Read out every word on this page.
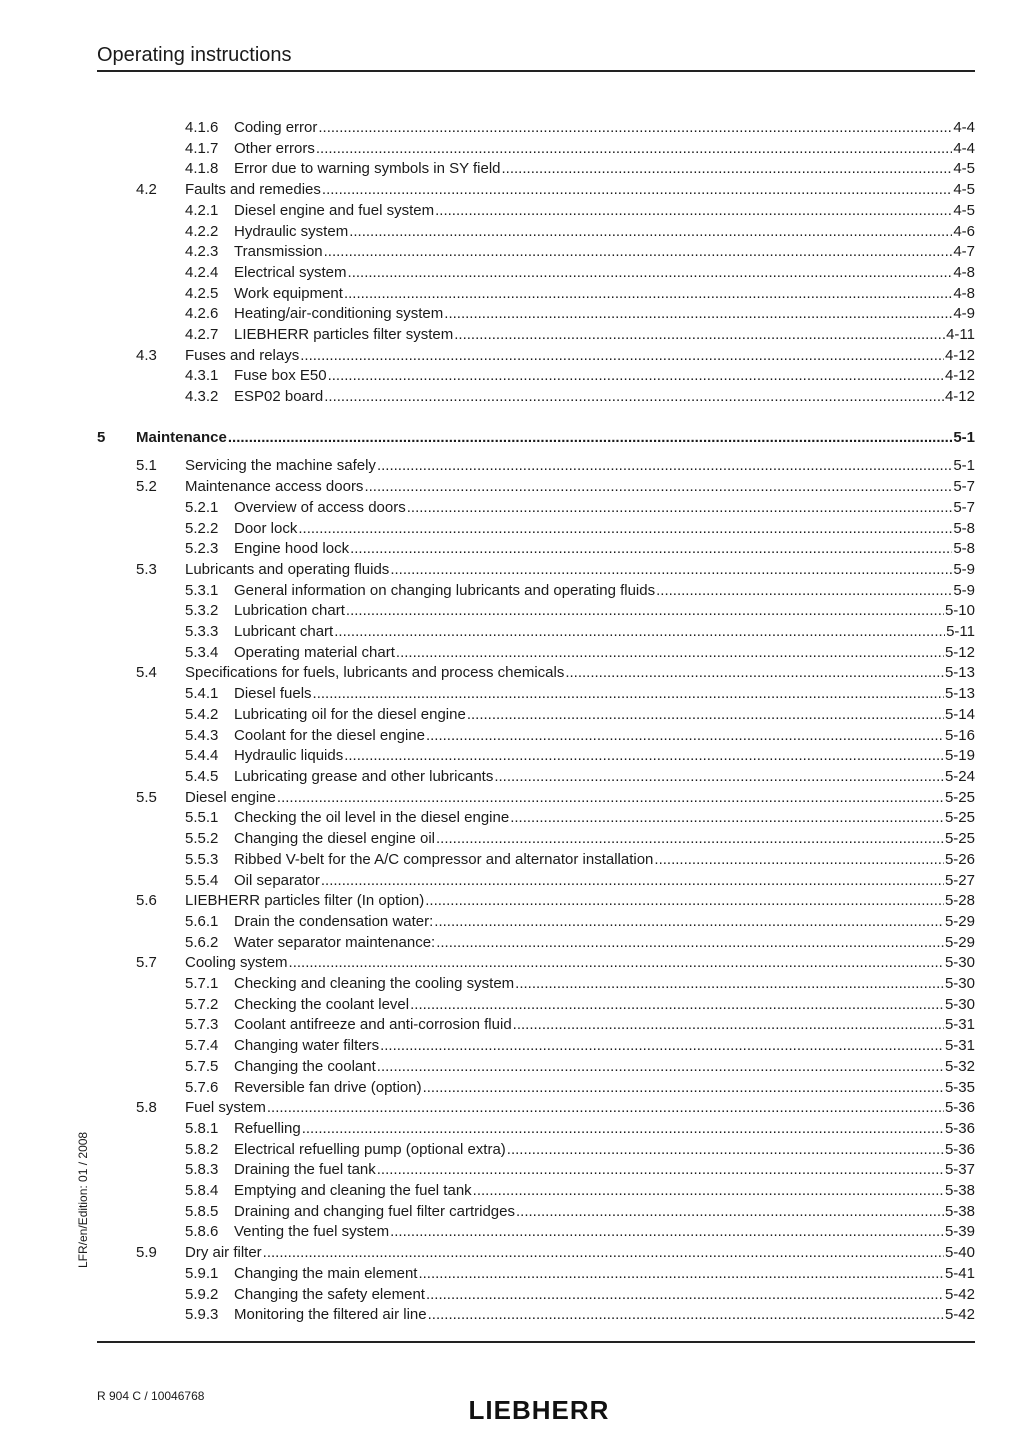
Operating instructions
4.1.6	Coding error .....	4-4
4.1.7	Other errors .....	4-4
4.1.8	Error due to warning symbols in SY field .....	4-5
4.2	Faults and remedies .....	4-5
4.2.1	Diesel engine and fuel system .....	4-5
4.2.2	Hydraulic system .....	4-6
4.2.3	Transmission .....	4-7
4.2.4	Electrical system .....	4-8
4.2.5	Work equipment .....	4-8
4.2.6	Heating/air-conditioning system .....	4-9
4.2.7	LIEBHERR particles filter system .....	4-11
4.3	Fuses and relays .....	4-12
4.3.1	Fuse box E50 .....	4-12
4.3.2	ESP02 board .....	4-12
5	Maintenance .....	5-1
5.1	Servicing the machine safely .....	5-1
5.2	Maintenance access doors .....	5-7
5.2.1	Overview of access doors .....	5-7
5.2.2	Door lock .....	5-8
5.2.3	Engine hood lock .....	5-8
5.3	Lubricants and operating fluids .....	5-9
5.3.1	General information on changing lubricants and operating fluids .....	5-9
5.3.2	Lubrication chart .....	5-10
5.3.3	Lubricant chart .....	5-11
5.3.4	Operating material chart .....	5-12
5.4	Specifications for fuels, lubricants and process chemicals .....	5-13
5.4.1	Diesel fuels .....	5-13
5.4.2	Lubricating oil for the diesel engine .....	5-14
5.4.3	Coolant for the diesel engine .....	5-16
5.4.4	Hydraulic liquids .....	5-19
5.4.5	Lubricating grease and other lubricants .....	5-24
5.5	Diesel engine .....	5-25
5.5.1	Checking the oil level in the diesel engine .....	5-25
5.5.2	Changing the diesel engine oil .....	5-25
5.5.3	Ribbed V-belt for the A/C compressor and alternator installation .....	5-26
5.5.4	Oil separator .....	5-27
5.6	LIEBHERR particles filter (In option) .....	5-28
5.6.1	Drain the condensation water: .....	5-29
5.6.2	Water separator maintenance: .....	5-29
5.7	Cooling system .....	5-30
5.7.1	Checking and cleaning the cooling system .....	5-30
5.7.2	Checking the coolant level .....	5-30
5.7.3	Coolant antifreeze and anti-corrosion fluid .....	5-31
5.7.4	Changing water filters .....	5-31
5.7.5	Changing the coolant .....	5-32
5.7.6	Reversible fan drive (option) .....	5-35
5.8	Fuel system .....	5-36
5.8.1	Refuelling .....	5-36
5.8.2	Electrical refuelling pump (optional extra) .....	5-36
5.8.3	Draining the fuel tank .....	5-37
5.8.4	Emptying and cleaning the fuel tank .....	5-38
5.8.5	Draining and changing fuel filter cartridges .....	5-38
5.8.6	Venting the fuel system .....	5-39
5.9	Dry air filter .....	5-40
5.9.1	Changing the main element .....	5-41
5.9.2	Changing the safety element .....	5-42
5.9.3	Monitoring the filtered air line .....	5-42
LFR/en/Edition: 01 / 2008
R 904 C / 10046768	LIEBHERR
